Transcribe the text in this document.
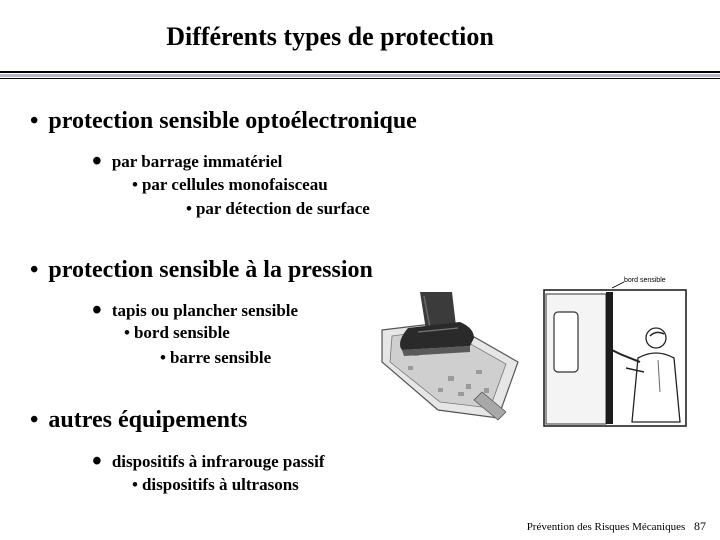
Différents types de protection
• protection sensible optoélectronique
• par barrage immatériel
• par cellules monofaisceau
• par détection de surface
• protection sensible à la pression
• tapis ou plancher sensible
• bord sensible
• barre sensible
• autres équipements
• dispositifs à infrarouge passif
• dispositifs à ultrasons
bord sensible
Prévention des Risques Mécaniques 87
